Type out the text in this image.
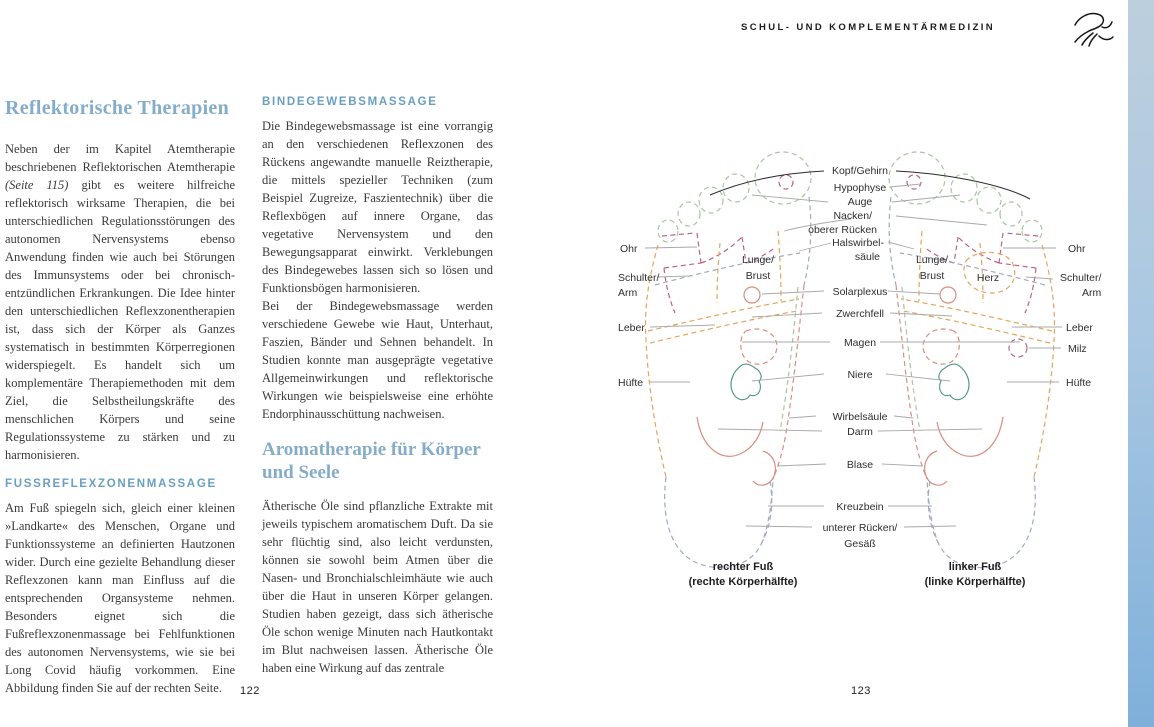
SCHUL- UND KOMPLEMENTÄRMEDIZIN
Reflektorische Therapien

Neben der im Kapitel Atemtherapie beschriebenen Reflektorischen Atemtherapie (Seite 115) gibt es weitere hilfreiche reflektorisch wirksame Therapien, die bei unterschiedlichen Regulationsstörungen des autonomen Nervensystems ebenso Anwendung finden wie auch bei Störungen des Immunsystems oder bei chronisch-entzündlichen Erkrankungen. Die Idee hinter den unterschiedlichen Reflexzonentherapien ist, dass sich der Körper als Ganzes systematisch in bestimmten Körperregionen widerspiegelt. Es handelt sich um komplementäre Therapiemethoden mit dem Ziel, die Selbstheilungskräfte des menschlichen Körpers und seine Regulationssysteme zu stärken und zu harmonisieren.

FUSSREFLEXZONENMASSAGE

Am Fuß spiegeln sich, gleich einer kleinen »Landkarte« des Menschen, Organe und Funktionssysteme an definierten Hautzonen wider. Durch eine gezielte Behandlung dieser Reflexzonen kann man Einfluss auf die entsprechenden Organsysteme nehmen. Besonders eignet sich die Fußreflexzonenmassage bei Fehlfunktionen des autonomen Nervensystems, wie sie bei Long Covid häufig vorkommen. Eine Abbildung finden Sie auf der rechten Seite.

BINDEGEWEBSMASSAGE

Die Bindegewebsmassage ist eine vorrangig an den verschiedenen Reflexzonen des Rückens angewandte manuelle Reiztherapie, die mittels spezieller Techniken (zum Beispiel Zugreize, Faszientechnik) über die Reflexbögen auf innere Organe, das vegetative Nervensystem und den Bewegungsapparat einwirkt. Verklebungen des Bindegewebes lassen sich so lösen und Funktionsbögen harmonisieren.

Bei der Bindegewebsmassage werden verschiedene Gewebe wie Haut, Unterhaut, Faszien, Bänder und Sehnen behandelt. In Studien konnte man ausgeprägte vegetative Allgemeinwirkungen und reflektorische Wirkungen wie beispielsweise eine erhöhte Endorphinausschüttung nachweisen.

Aromatherapie für Körper und Seele

Ätherische Öle sind pflanzliche Extrakte mit jeweils typischem aromatischem Duft. Da sie sehr flüchtig sind, also leicht verdunsten, können sie sowohl beim Atmen über die Nasen- und Bronchialschleimhäute wie auch über die Haut in unseren Körper gelangen. Studien haben gezeigt, dass sich ätherische Öle schon wenige Minuten nach Hautkontakt im Blut nachweisen lassen. Ätherische Öle haben eine Wirkung auf das zentrale

122	123
Kopf/Gehirn
Hypophyse
Auge
Nacken/
oberer Rücken
Halswirbel-
säule
Solarplexus
Zwerchfell
Magen
Niere
Wirbelsäule
Darm
Blase
Kreuzbein
unterer Rücken/
Gesäß
Ohr
Schulter/
Arm
Leber
Hüfte
Ohr
Schulter/
Arm
Leber
Milz
Hüfte
Lunge/
Brust
Lunge/
Brust	Herz
rechter Fuß
(rechte Körperhälfte)
linker Fuß
(linke Körperhälfte)
